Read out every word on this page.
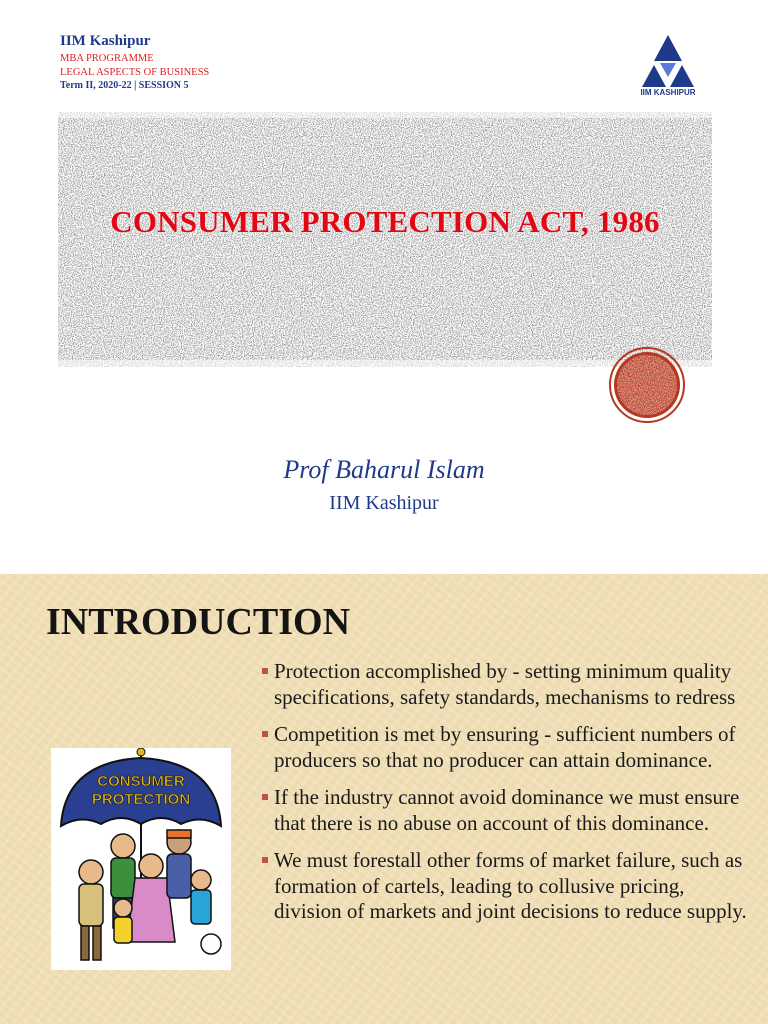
IIM Kashipur

MBA PROGRAMME

LEGAL ASPECTS OF BUSINESS

Term II, 2020-22 | SESSION 5

IIM KASHIPUR
CONSUMER PROTECTION ACT, 1986

Prof Baharul Islam

IIM Kashipur

INTRODUCTION
CONSUMER
PROTECTION
Protection accomplished by - setting minimum quality specifications, safety standards, mechanisms to redress
Competition is met by ensuring - sufficient numbers of producers so that no producer can attain dominance.
If the industry cannot avoid dominance we must ensure that there is no abuse on account of this dominance.
We must forestall other forms of market failure, such as formation of cartels, leading to collusive pricing, division of markets and joint decisions to reduce supply.
